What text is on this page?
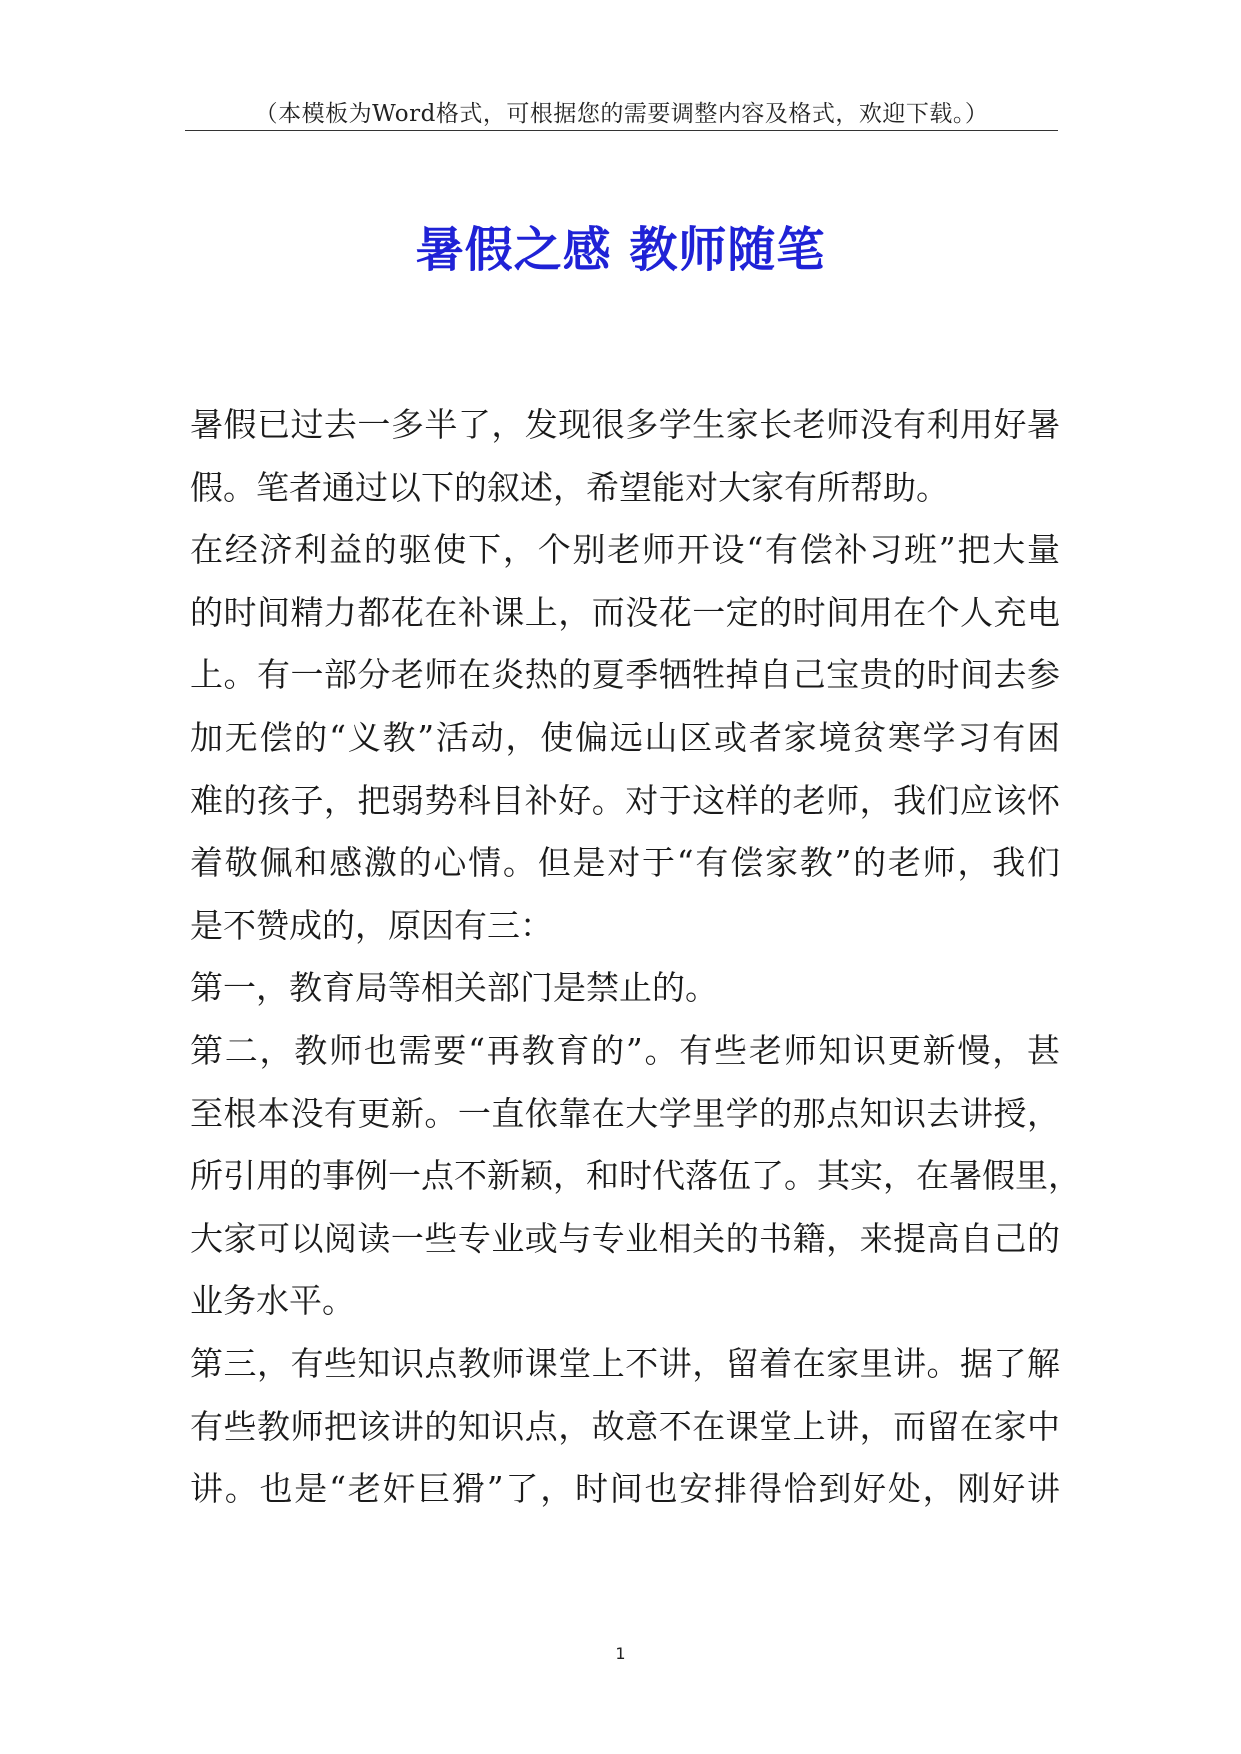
（本模板为Word格式，可根据您的需要调整内容及格式，欢迎下载。）
暑假之感 教师随笔
暑假已过去一多半了，发现很多学生家长老师没有利用好暑
假。笔者通过以下的叙述，希望能对大家有所帮助。
在经济利益的驱使下，个别老师开设“有偿补习班”把大量
的时间精力都花在补课上，而没花一定的时间用在个人充电
上。有一部分老师在炎热的夏季牺牲掉自己宝贵的时间去参
加无偿的“义教”活动，使偏远山区或者家境贫寒学习有困
难的孩子，把弱势科目补好。对于这样的老师，我们应该怀
着敬佩和感激的心情。但是对于“有偿家教”的老师，我们
是不赞成的，原因有三：
第一，教育局等相关部门是禁止的。
第二，教师也需要“再教育的”。有些老师知识更新慢，甚
至根本没有更新。一直依靠在大学里学的那点知识去讲授，
所引用的事例一点不新颖，和时代落伍了。其实，在暑假里，
大家可以阅读一些专业或与专业相关的书籍，来提高自己的
业务水平。
第三，有些知识点教师课堂上不讲，留着在家里讲。据了解
有些教师把该讲的知识点，故意不在课堂上讲，而留在家中
讲。也是“老奸巨猾”了，时间也安排得恰到好处，刚好讲
1
